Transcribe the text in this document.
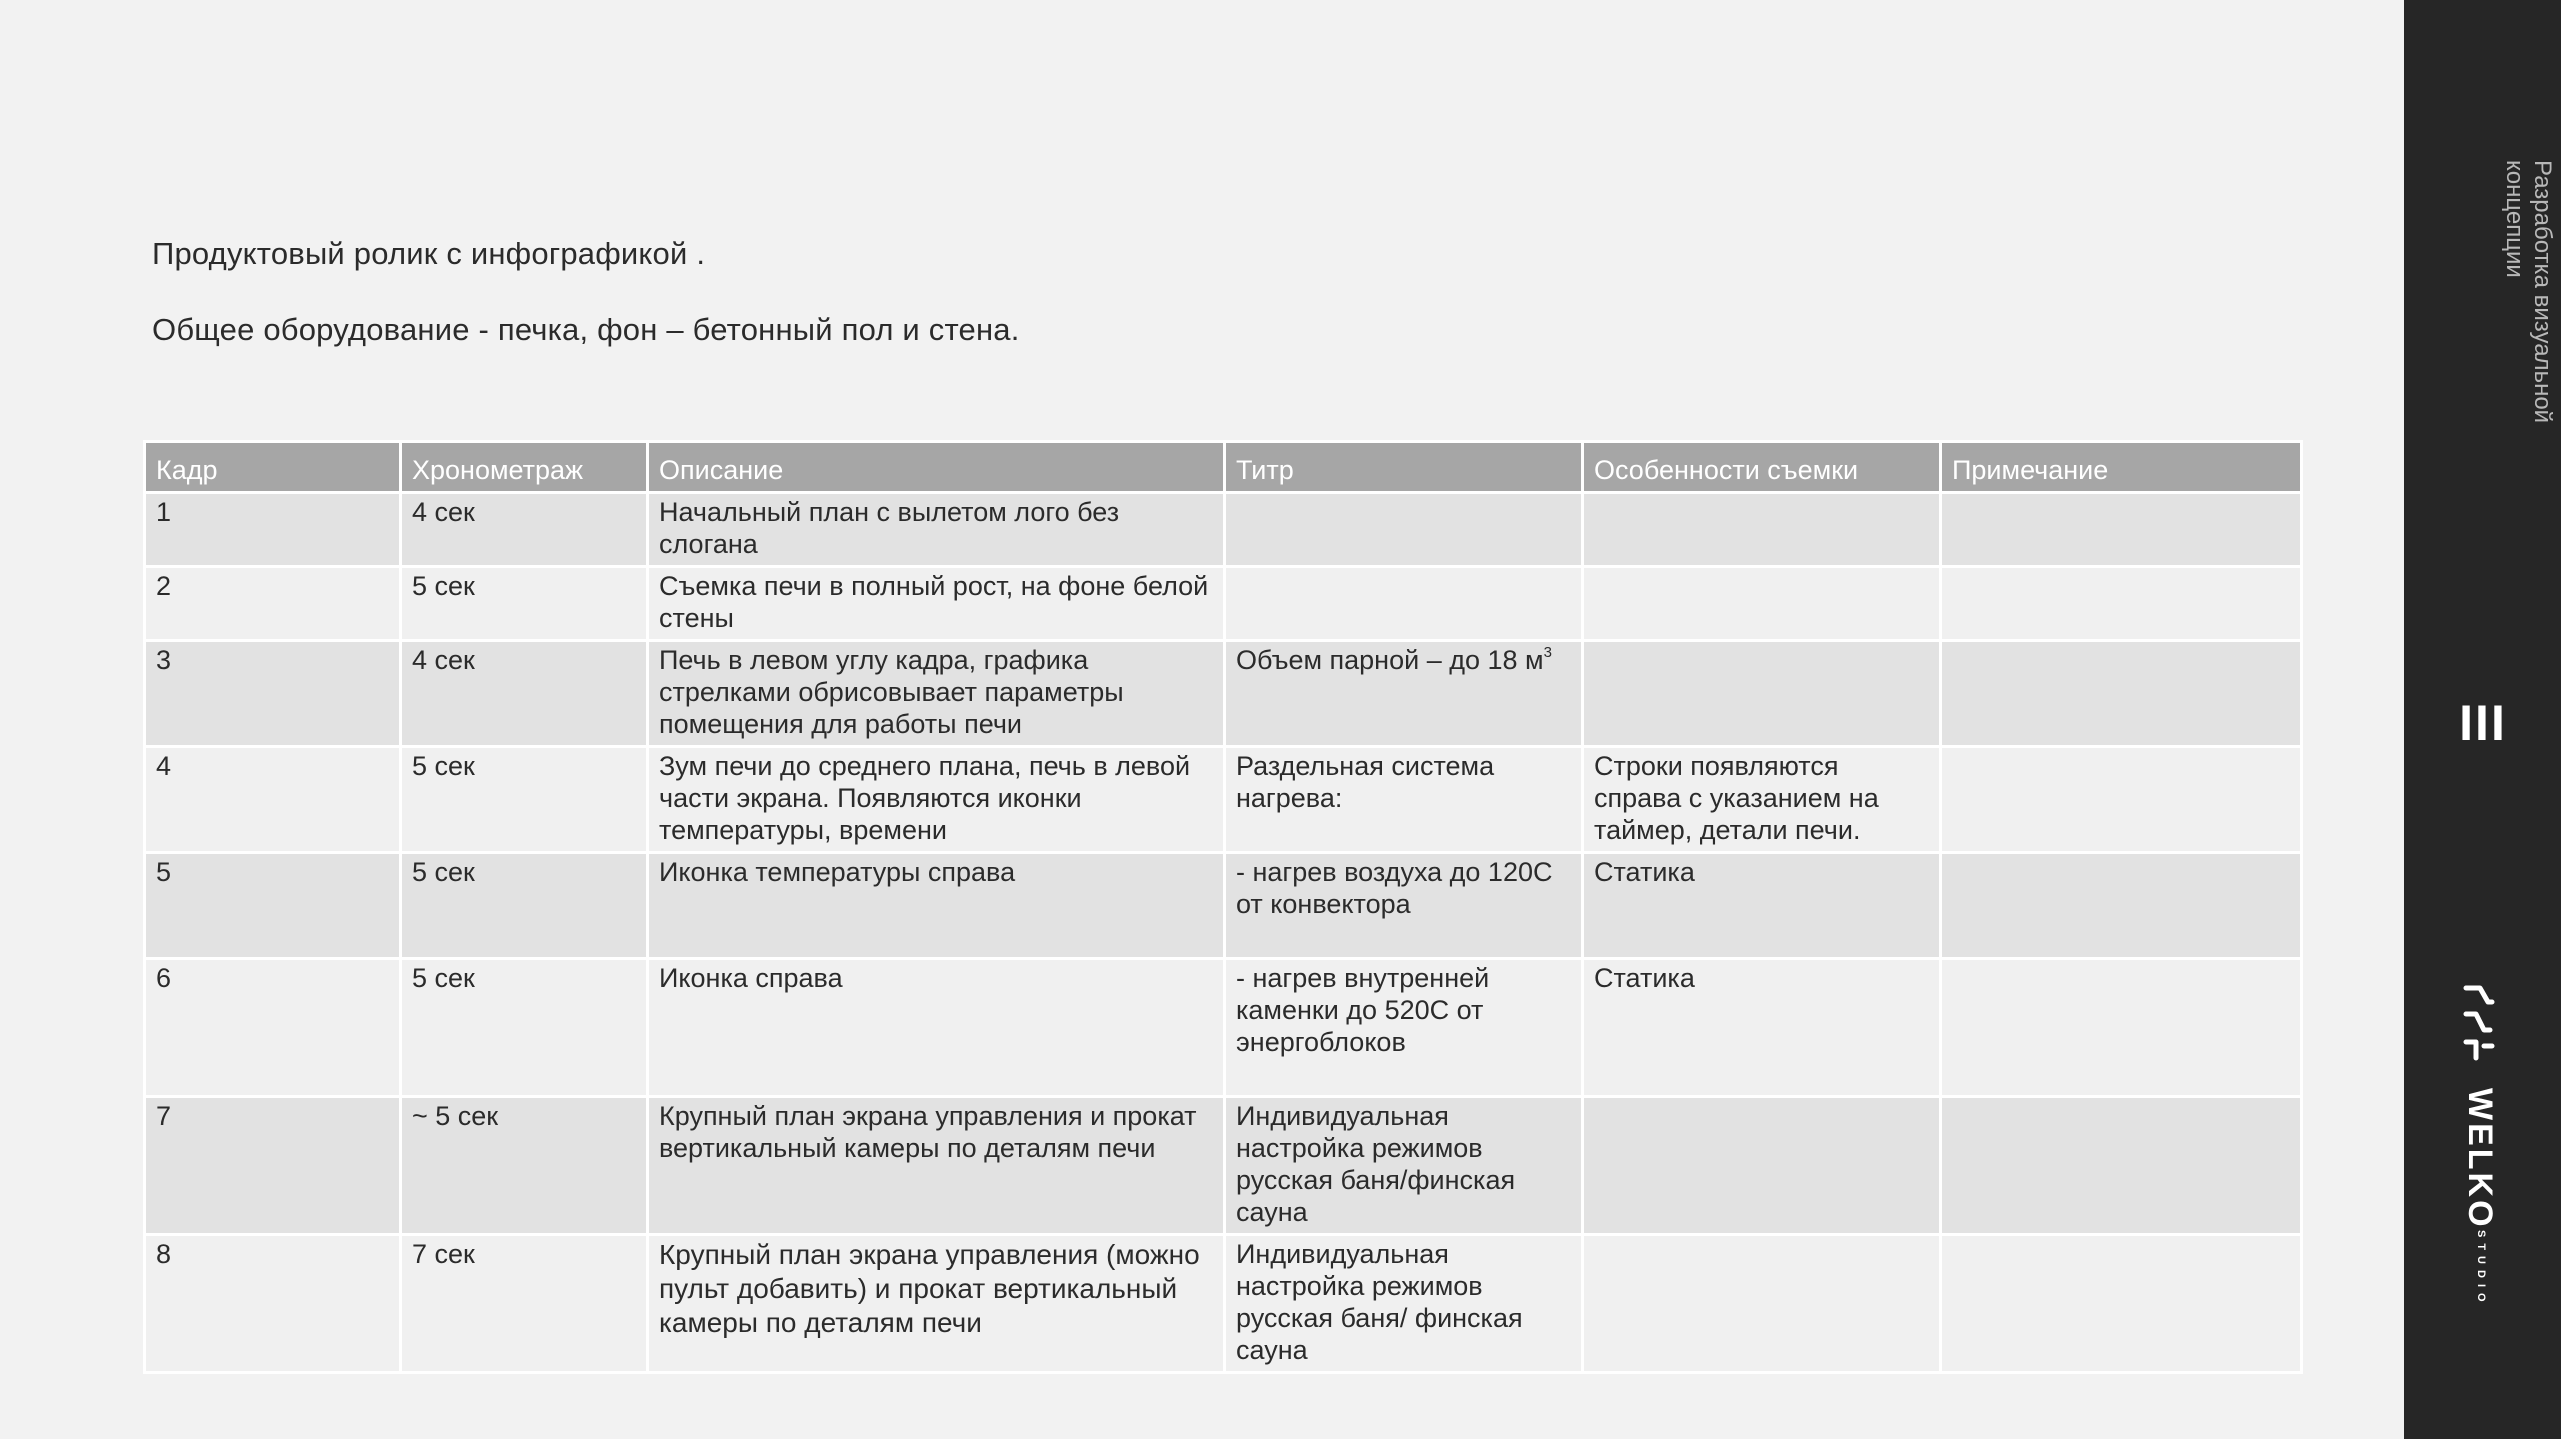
Продуктовый ролик с инфографикой .
Общее оборудование - печка, фон – бетонный пол и стена.
Кадр	Хронометраж	Описание	Титр	Особенности съемки	Примечание
1	4 сек	Начальный план с вылетом лого без слогана			
2	5 сек	Съемка печи в полный рост, на фоне белой стены			
3	4 сек	Печь в левом углу кадра, графика стрелками обрисовывает параметры помещения для работы печи	Объем парной – до 18 $м^3$		
4	5 сек	Зум печи до среднего плана, печь в левой части экрана. Появляются иконки температуры, времени	Раздельная система нагрева:	Строки появляются справа с указанием на таймер, детали печи.	
5	5 сек	Иконка температуры справа	- нагрев воздуха до 120С от конвектора	Статика	
6	5 сек	Иконка справа	- нагрев внутренней каменки до 520С от энергоблоков	Статика	
7	~ 5 сек	Крупный план экрана управления и прокат вертикальный камеры по деталям печи	Индивидуальная настройка режимов русская баня/финская сауна		
8	7 сек	Крупный план экрана управления (можно пульт добавить) и прокат вертикальный камеры по деталям печи	Индивидуальная настройка режимов русская баня/ финская сауна		
Разработка визуальной
концепции
III
WELKO
STUDIO
